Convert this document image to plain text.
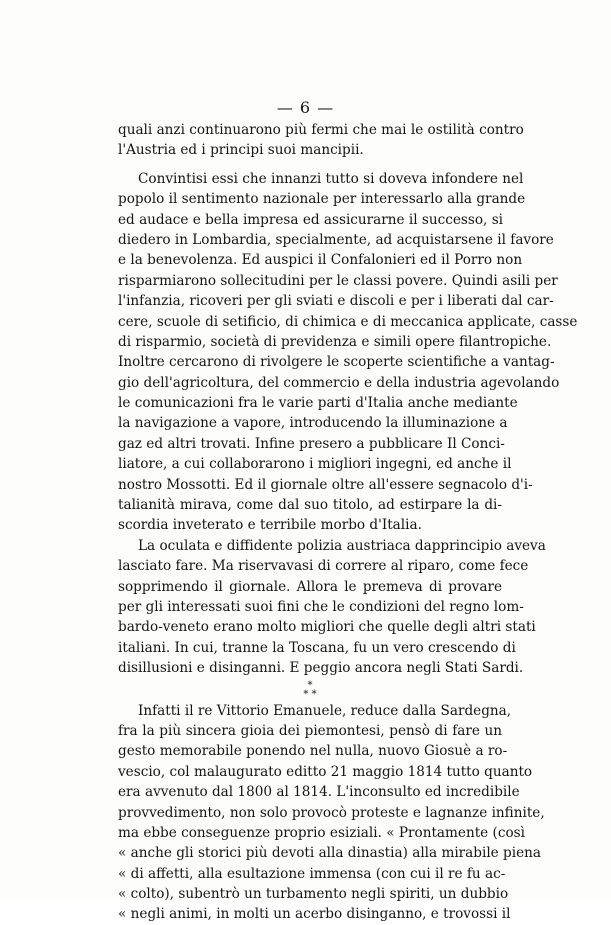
— 6 —
quali anzi continuarono più fermi che mai le ostilità contro
l'Austria ed i principi suoi mancipii.
Convintisi essi che innanzi tutto si doveva infondere nel
popolo il sentimento nazionale per interessarlo alla grande
ed audace e bella impresa ed assicurarne il successo, si
diedero in Lombardia, specialmente, ad acquistarsene il favore
e la benevolenza. Ed auspici il Confalonieri ed il Porro non
risparmiarono sollecitudini per le classi povere. Quindi asili per
l'infanzia, ricoveri per gli sviati e discoli e per i liberati dal car-
cere, scuole di setificio, di chimica e di meccanica applicate, casse
di risparmio, società di previdenza e simili opere filantropiche.
Inoltre cercarono di rivolgere le scoperte scientifiche a vantag-
gio dell'agricoltura, del commercio e della industria agevolando
le comunicazioni fra le varie parti d'Italia anche mediante
la navigazione a vapore, introducendo la illuminazione a
gaz ed altri trovati. Infine presero a pubblicare Il Conci-
liatore, a cui collaborarono i migliori ingegni, ed anche il
nostro Mossotti. Ed il giornale oltre all'essere segnacolo d'i-
talianità mirava, come dal suo titolo, ad estirpare la di-
scordia inveterato e terribile morbo d'Italia.
La oculata e diffidente polizia austriaca dapprincipio aveva
lasciato fare. Ma riservavasi di correre al riparo, come fece
sopprimendo il giornale. Allora le premeva di provare
per gli interessati suoi fini che le condizioni del regno lom-
bardo-veneto erano molto migliori che quelle degli altri stati
italiani. In cui, tranne la Toscana, fu un vero crescendo di
disillusioni e disinganni. E peggio ancora negli Stati Sardi.
*
* *
Infatti il re Vittorio Emanuele, reduce dalla Sardegna,
fra la più sincera gioia dei piemontesi, pensò di fare un
gesto memorabile ponendo nel nulla, nuovo Giosuè a ro-
vescio, col malaugurato editto 21 maggio 1814 tutto quanto
era avvenuto dal 1800 al 1814. L'inconsulto ed incredibile
provvedimento, non solo provocò proteste e lagnanze infinite,
ma ebbe conseguenze proprio esiziali. « Prontamente (così
« anche gli storici più devoti alla dinastia) alla mirabile piena
« di affetti, alla esultazione immensa (con cui il re fu ac-
« colto), subentrò un turbamento negli spiriti, un dubbio
« negli animi, in molti un acerbo disinganno, e trovossi il
